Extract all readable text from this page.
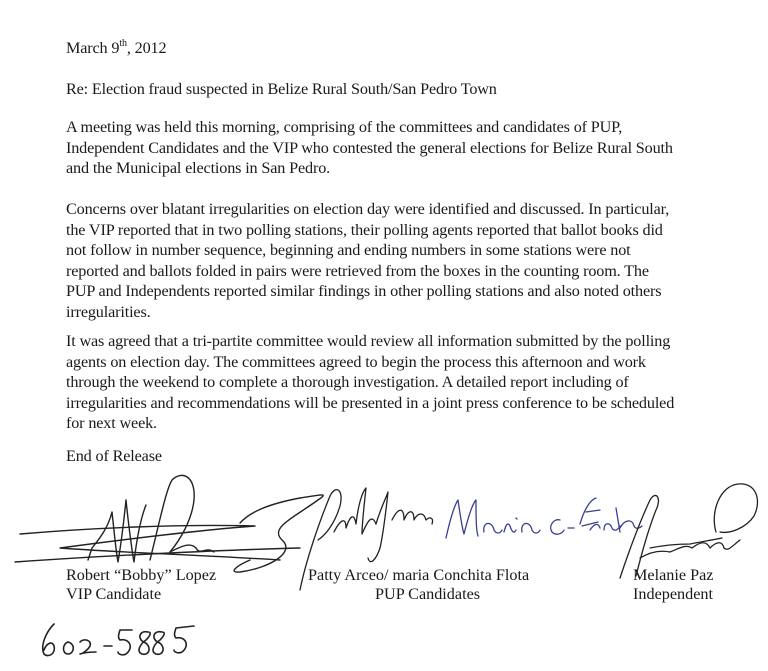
March 9th, 2012

Re: Election fraud suspected in Belize Rural South/San Pedro Town

A meeting was held this morning, comprising of the committees and candidates of PUP,
Independent Candidates and the VIP who contested the general elections for Belize Rural South
and the Municipal elections in San Pedro.

Concerns over blatant irregularities on election day were identified and discussed. In particular,
the VIP reported that in two polling stations, their polling agents reported that ballot books did
not follow in number sequence, beginning and ending numbers in some stations were not
reported and ballots folded in pairs were retrieved from the boxes in the counting room. The
PUP and Independents reported similar findings in other polling stations and also noted others
irregularities.

It was agreed that a tri-partite committee would review all information submitted by the polling
agents on election day. The committees agreed to begin the process this afternoon and work
through the weekend to complete a thorough investigation. A detailed report including of
irregularities and recommendations will be presented in a joint press conference to be scheduled
for next week.

End of Release

Robert “Bobby” Lopez
VIP Candidate
Patty Arceo/ maria Conchita Flota
PUP Candidates
Melanie Paz
Independent
